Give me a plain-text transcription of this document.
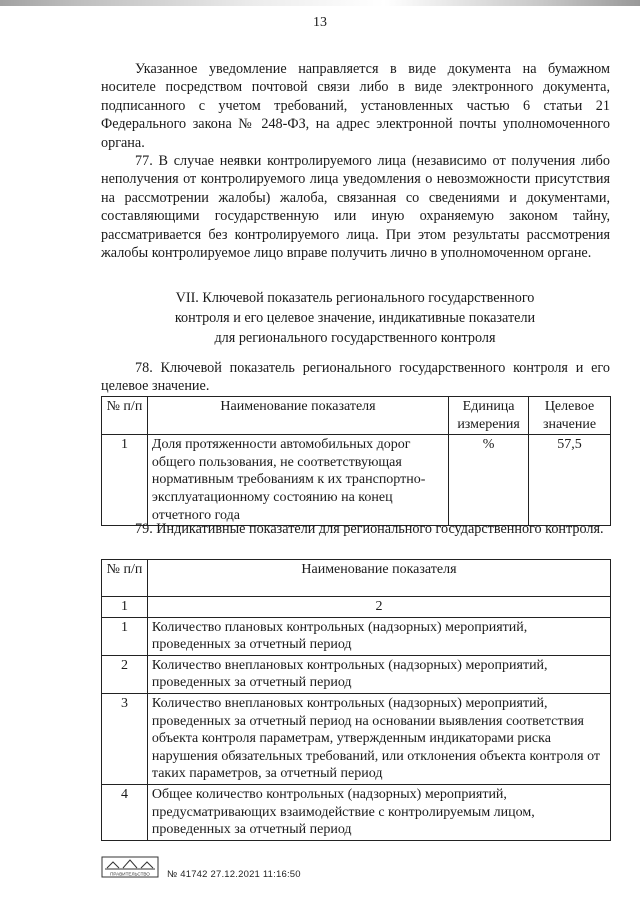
13

Указанное уведомление направляется в виде документа на бумажном носителе посредством почтовой связи либо в виде электронного документа, подписанного с учетом требований, установленных частью 6 статьи 21 Федерального закона № 248-ФЗ, на адрес электронной почты уполномоченного органа.

77. В случае неявки контролируемого лица (независимо от получения либо неполучения от контролируемого лица уведомления о невозможности присутствия на рассмотрении жалобы) жалоба, связанная со сведениями и документами, составляющими государственную или иную охраняемую законом тайну, рассматривается без контролируемого лица. При этом результаты рассмотрения жалобы контролируемое лицо вправе получить лично в уполномоченном органе.

VII. Ключевой показатель регионального государственного
контроля и его целевое значение, индикативные показатели
для регионального государственного контроля

78. Ключевой показатель регионального государственного контроля и его целевое значение.

№ п/п	Наименование показателя	Единица измерения	Целевое значение
1	Доля протяженности автомобильных дорог общего пользования, не соответствующая нормативным требованиям к их транспортно-эксплуатационному состоянию на конец отчетного года	%	57,5

79. Индикативные показатели для регионального государственного контроля.

№ п/п	Наименование показателя
1	2
1	Количество плановых контрольных (надзорных) мероприятий, проведенных за отчетный период
2	Количество внеплановых контрольных (надзорных) мероприятий, проведенных за отчетный период
3	Количество внеплановых контрольных (надзорных) мероприятий, проведенных за отчетный период на основании выявления соответствия объекта контроля параметрам, утвержденным индикаторами риска нарушения обязательных требований, или отклонения объекта контроля от таких параметров, за отчетный период
4	Общее количество контрольных (надзорных) мероприятий, предусматривающих взаимодействие с контролируемым лицом, проведенных за отчетный период
ПРАВИТЕЛЬСТВО № 41742 27.12.2021 11:16:50
